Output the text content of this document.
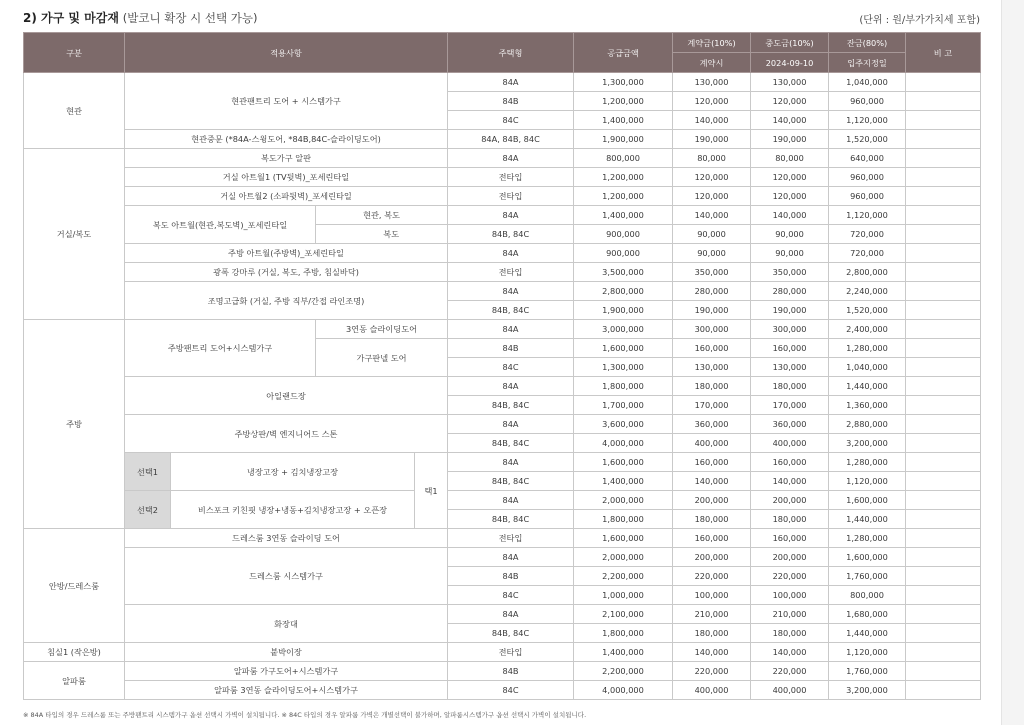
2) 가구 및 마감재 (발코니 확장 시 선택 가능)	(단위 : 원/부가가치세 포함)
구분	적용사항				주택형	공급금액	계약금(10%)	중도금(10%)	잔금(80%)	비 고
							계약시	2024-09-10	입주지정일	
현관	현관팬트리 도어 + 시스템가구				84A	1,300,000	130,000	130,000	1,040,000	
					84B	1,200,000	120,000	120,000	960,000	
					84C	1,400,000	140,000	140,000	1,120,000	
	현관중문 (*84A-스윙도어, *84B,84C-슬라이딩도어)				84A, 84B, 84C	1,900,000	190,000	190,000	1,520,000	
거실/복도	복도가구 알판				84A	800,000	80,000	80,000	640,000	
	거실 아트월1 (TV뒷벽)_포세린타일				전타입	1,200,000	120,000	120,000	960,000	
	거실 아트월2 (소파뒷벽)_포세린타일				전타입	1,200,000	120,000	120,000	960,000	
	복도 아트월(현관,복도벽)_포세린타일		현관, 복도		84A	1,400,000	140,000	140,000	1,120,000	
			복도		84B, 84C	900,000	90,000	90,000	720,000	
	주방 아트월(주방벽)_포세린타일				84A	900,000	90,000	90,000	720,000	
	광폭 강마루 (거실, 복도, 주방, 침실바닥)				전타입	3,500,000	350,000	350,000	2,800,000	
	조명고급화 (거실, 주방 직부/간접 라인조명)				84A	2,800,000	280,000	280,000	2,240,000	
					84B, 84C	1,900,000	190,000	190,000	1,520,000	
주방	주방팬트리 도어+시스템가구		3연동 슬라이딩도어		84A	3,000,000	300,000	300,000	2,400,000	
			가구판넬 도어		84B	1,600,000	160,000	160,000	1,280,000	
					84C	1,300,000	130,000	130,000	1,040,000	
	아일랜드장				84A	1,800,000	180,000	180,000	1,440,000	
					84B, 84C	1,700,000	170,000	170,000	1,360,000	
	주방상판/벽 엔지니어드 스톤				84A	3,600,000	360,000	360,000	2,880,000	
					84B, 84C	4,000,000	400,000	400,000	3,200,000	
	선택1	냉장고장 + 김치냉장고장		택1	84A	1,600,000	160,000	160,000	1,280,000	
					84B, 84C	1,400,000	140,000	140,000	1,120,000	
	선택2	비스포크 키친핏 냉장+냉동+김치냉장고장 + 오픈장			84A	2,000,000	200,000	200,000	1,600,000	
					84B, 84C	1,800,000	180,000	180,000	1,440,000	
안방/드레스룸	드레스룸 3연동 슬라이딩 도어				전타입	1,600,000	160,000	160,000	1,280,000	
	드레스룸 시스템가구				84A	2,000,000	200,000	200,000	1,600,000	
					84B	2,200,000	220,000	220,000	1,760,000	
					84C	1,000,000	100,000	100,000	800,000	
	화장대				84A	2,100,000	210,000	210,000	1,680,000	
					84B, 84C	1,800,000	180,000	180,000	1,440,000	
침실1 (작은방)	붙박이장				전타입	1,400,000	140,000	140,000	1,120,000	
알파룸	알파룸 가구도어+시스템가구				84B	2,200,000	220,000	220,000	1,760,000	
	알파룸 3연동 슬라이딩도어+시스템가구				84C	4,000,000	400,000	400,000	3,200,000	
※ 84A 타입의 경우 드레스룸 또는 주방팬트리 시스템가구 옵션 선택시 가벽이 설치됩니다. ※ 84C 타입의 경우 알파룸 가벽은 개별선택이 불가하며, 알파룸시스템가구 옵션 선택시 가벽이 설치됩니다.
